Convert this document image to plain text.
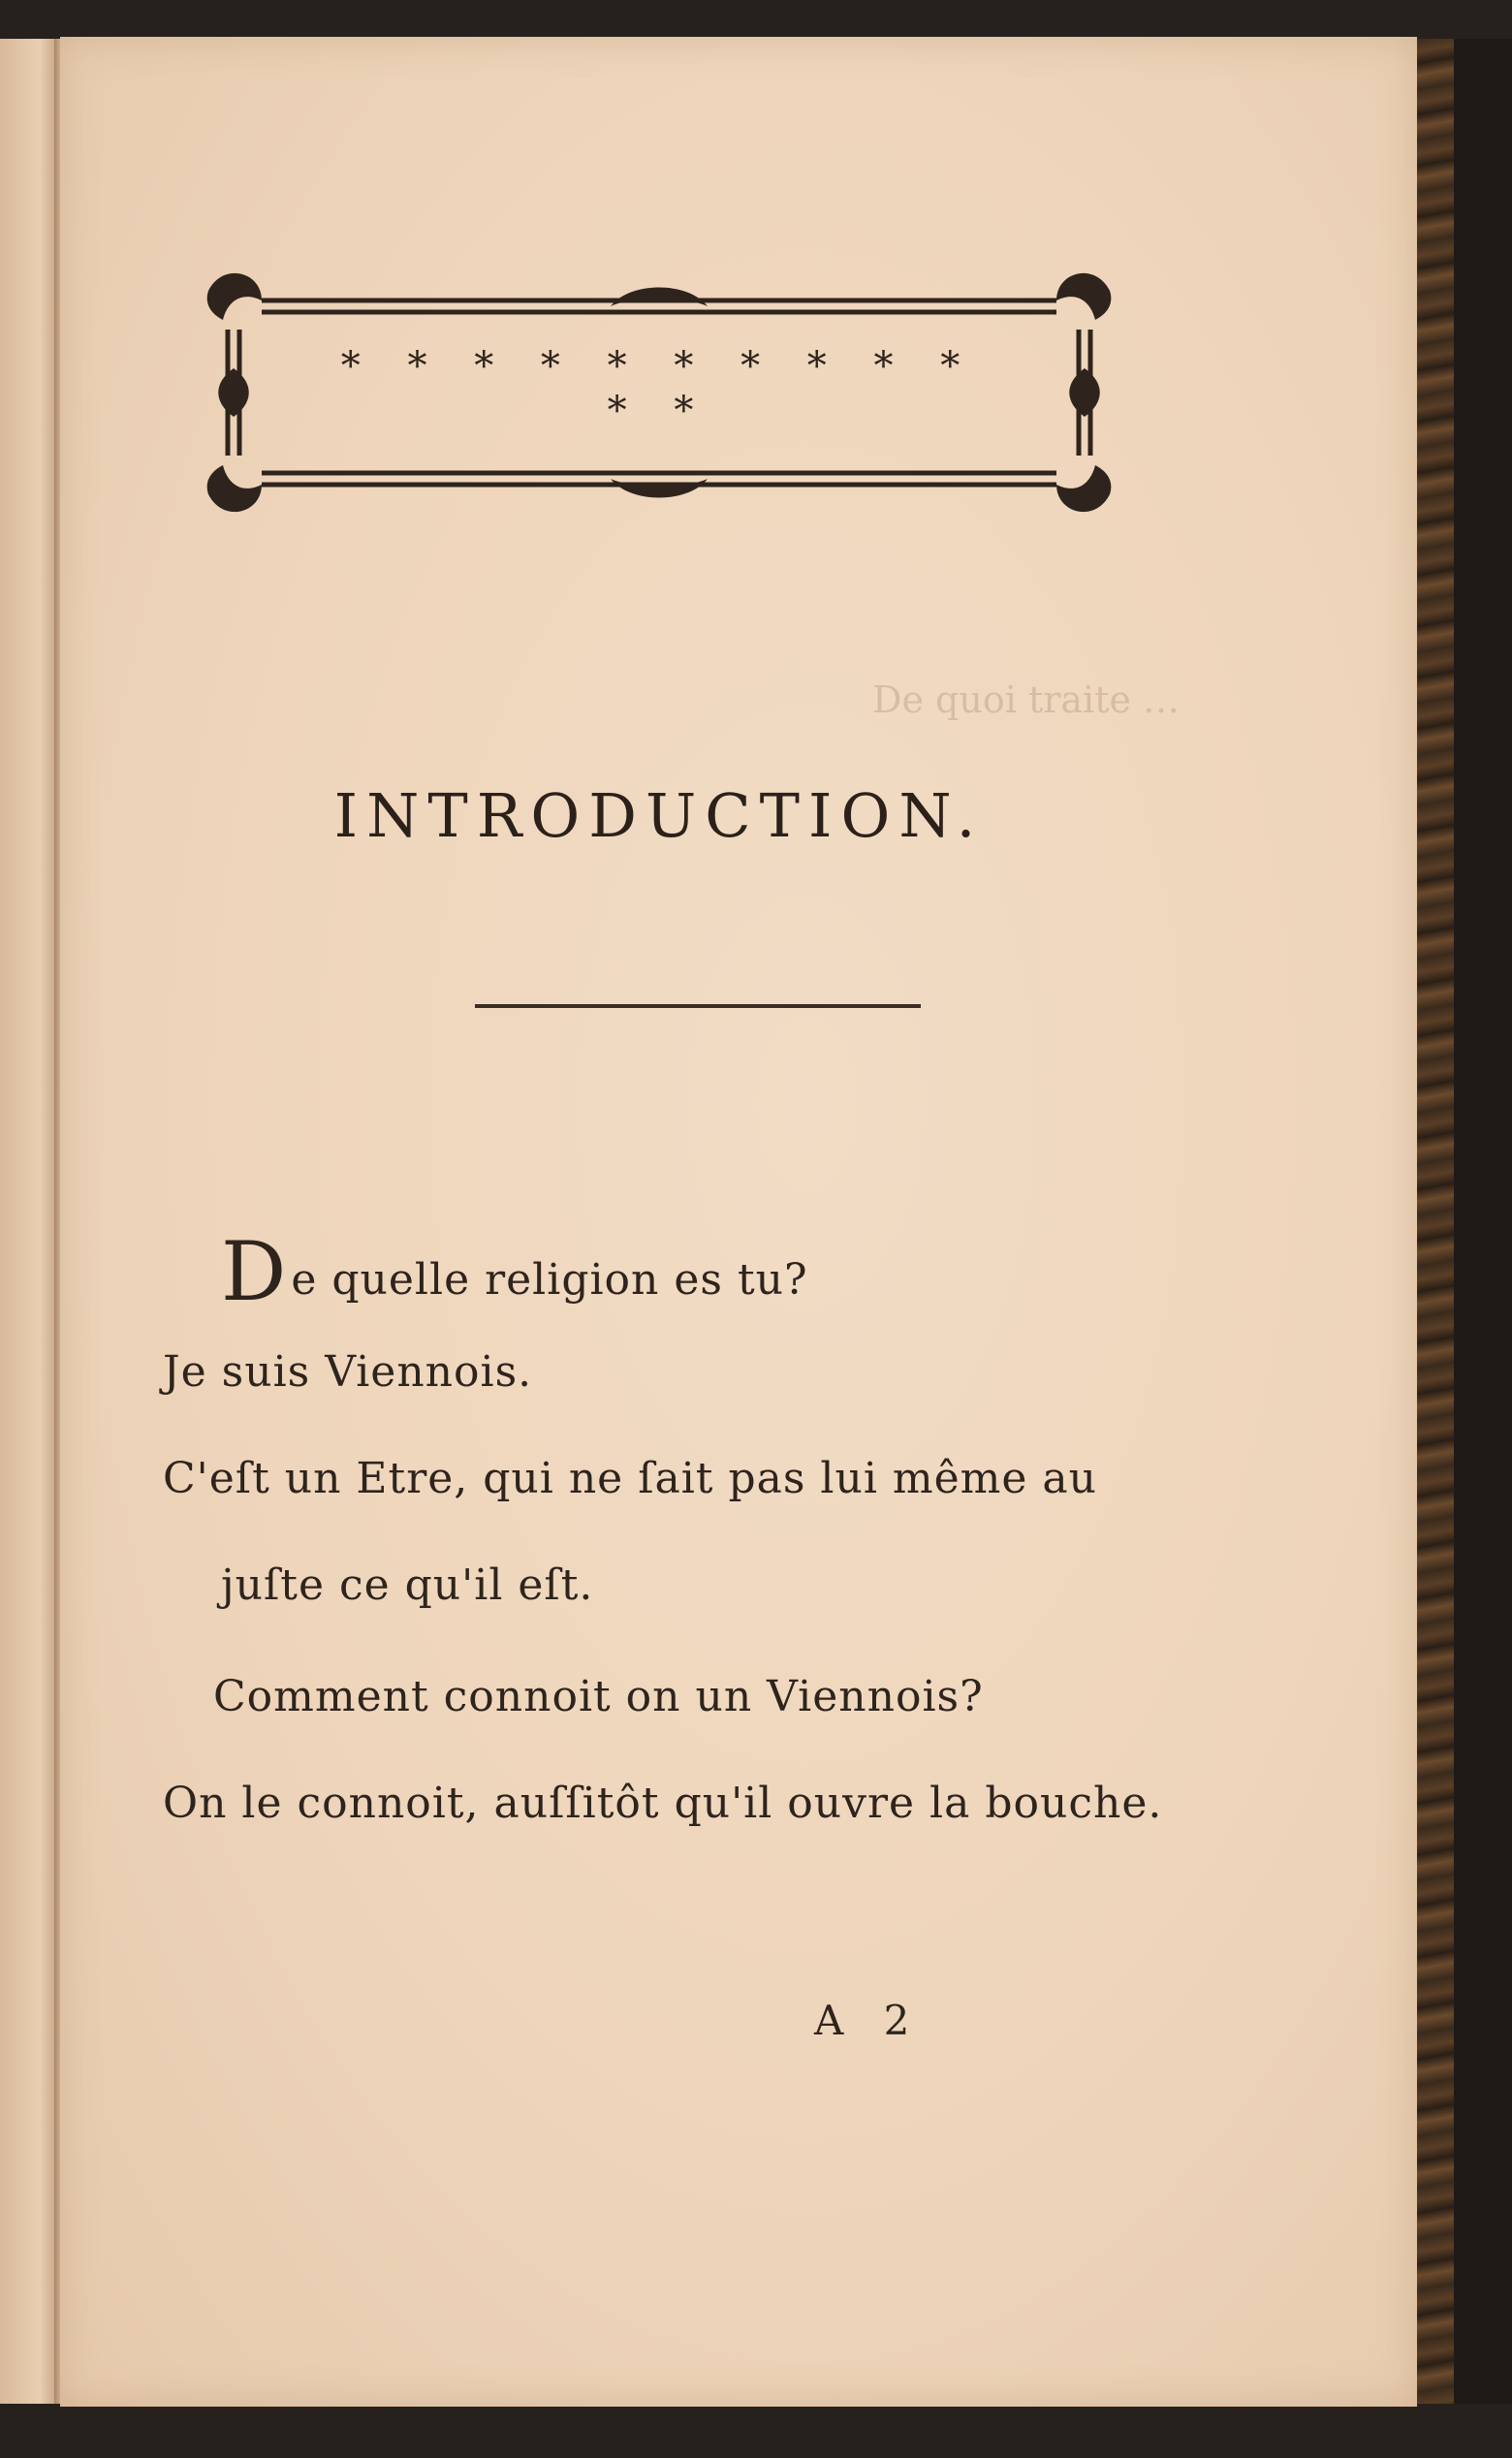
De quoi traite …
* * * * * * * * * * * *
INTRODUCTION.
De quelle religion es tu?
Je suis Viennois.
C'eſt un Etre, qui ne ſait pas lui même au
juſte ce qu'il eſt.
Comment connoit on un Viennois?
On le connoit, auſſitôt qu'il ouvre la bouche.
A 2
